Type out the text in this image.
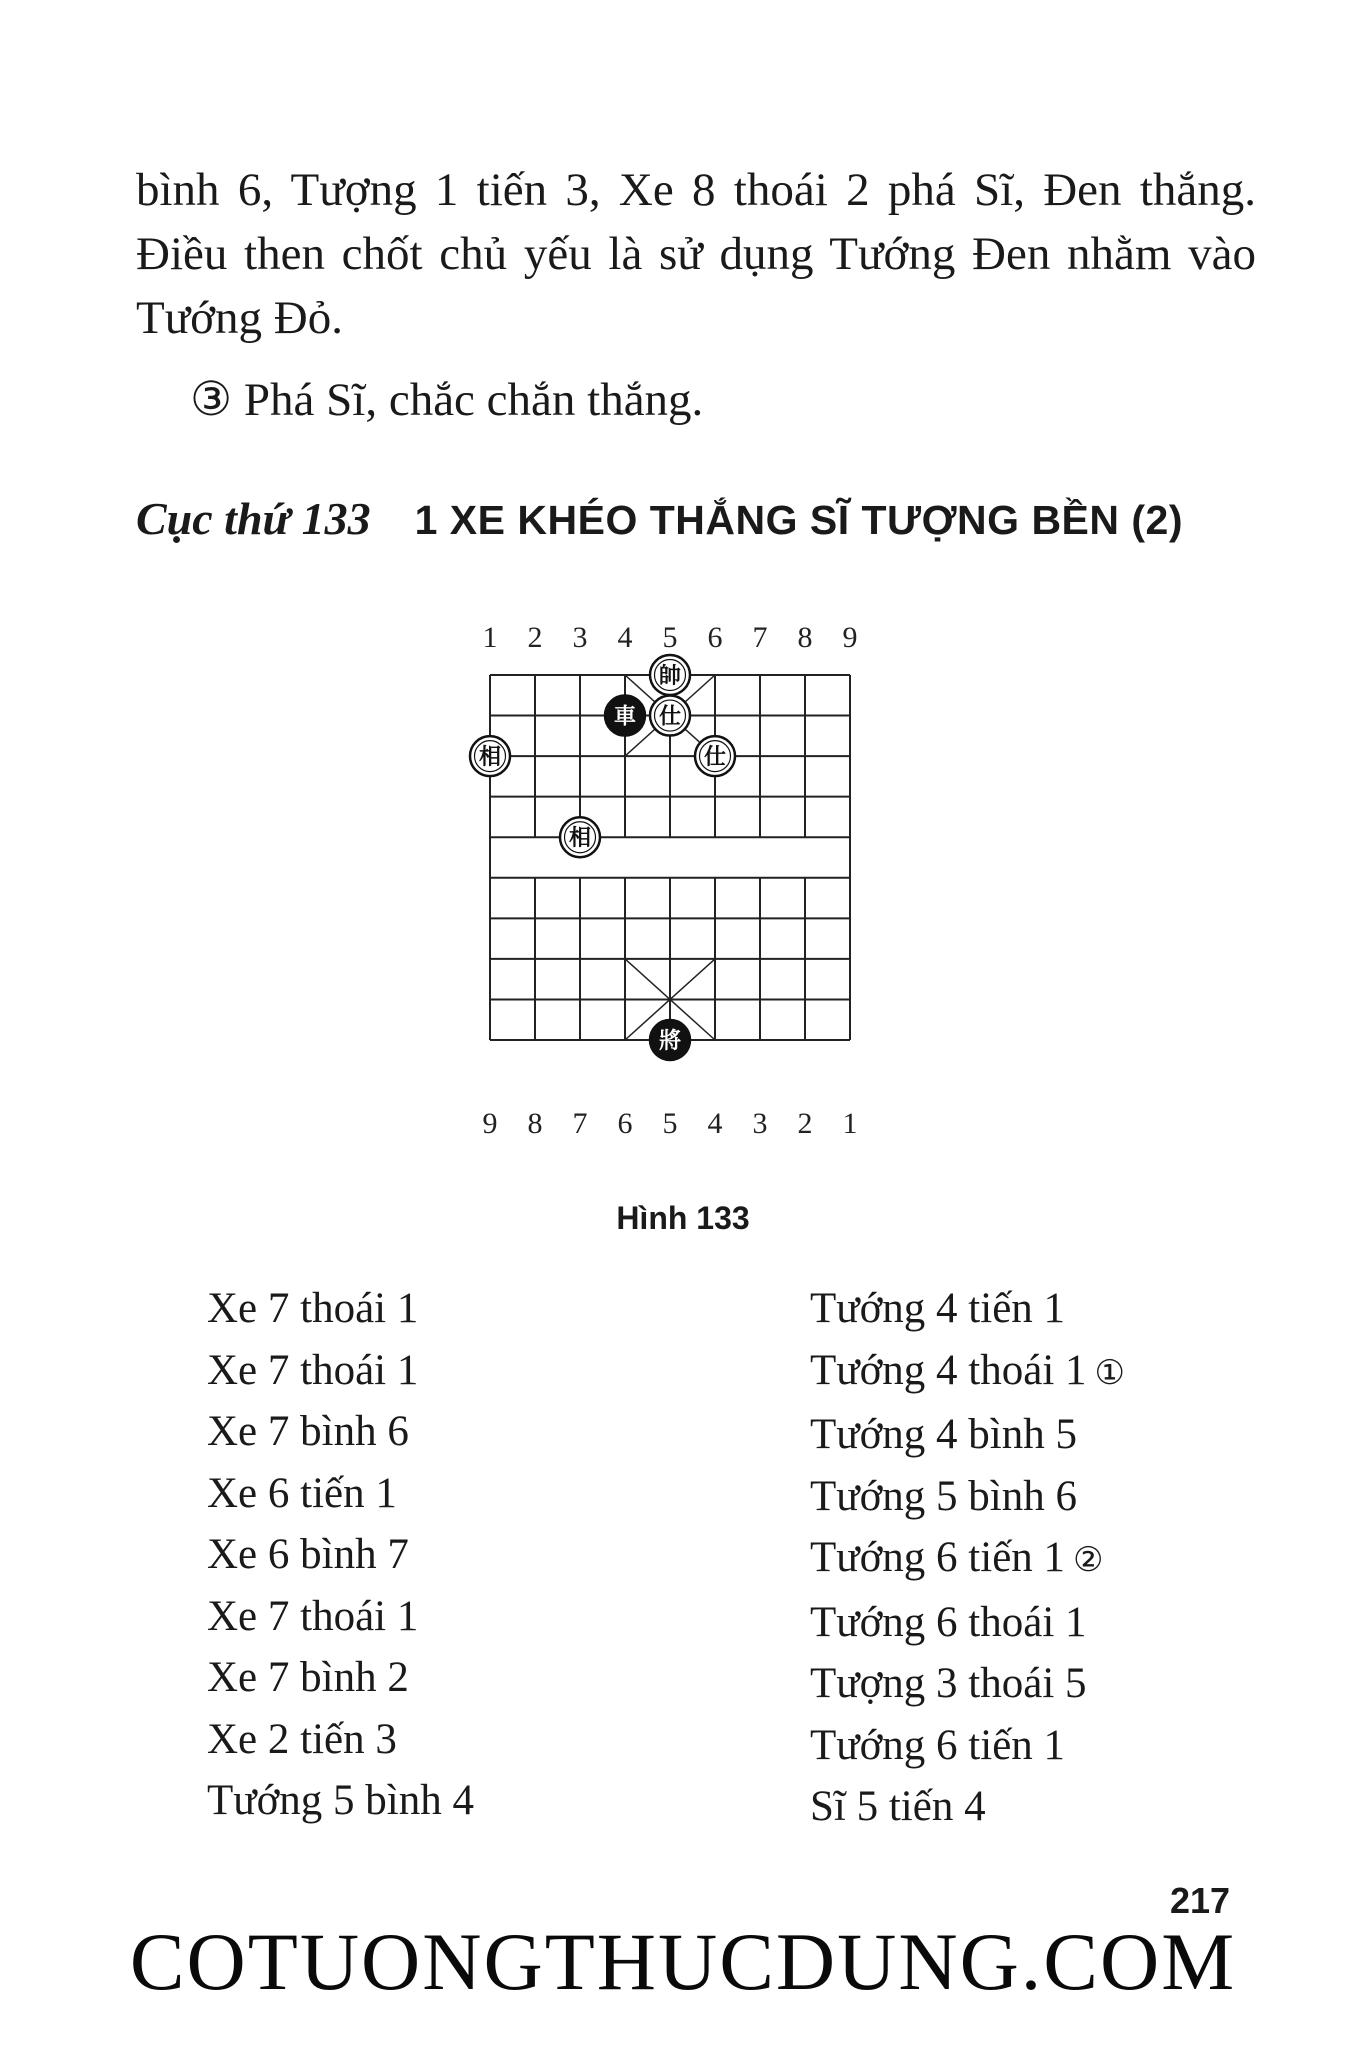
bình 6, Tượng 1 tiến 3, Xe 8 thoái 2 phá Sĩ, Đen thắng. Điều then chốt chủ yếu là sử dụng Tướng Đen nhằm vào Tướng Đỏ.
③ Phá Sĩ, chắc chắn thắng.
Cục thứ 133 1 XE KHÉO THẮNG SĨ TƯỢNG BỀN (2)
1 2 3 4 5 6 7 8 9
9 8 7 6 5 4 3 2 1
帥
車 仕
仕
相
相
將
Hình 133
Xe 7 thoái 1
Xe 7 thoái 1
Xe 7 bình 6
Xe 6 tiến 1
Xe 6 bình 7
Xe 7 thoái 1
Xe 7 bình 2
Xe 2 tiến 3
Tướng 5 bình 4
Tướng 4 tiến 1
Tướng 4 thoái 1 ①
Tướng 4 bình 5
Tướng 5 bình 6
Tướng 6 tiến 1 ②
Tướng 6 thoái 1
Tượng 3 thoái 5
Tướng 6 tiến 1
Sĩ 5 tiến 4
217
COTUONGTHUCDUNG.COM
